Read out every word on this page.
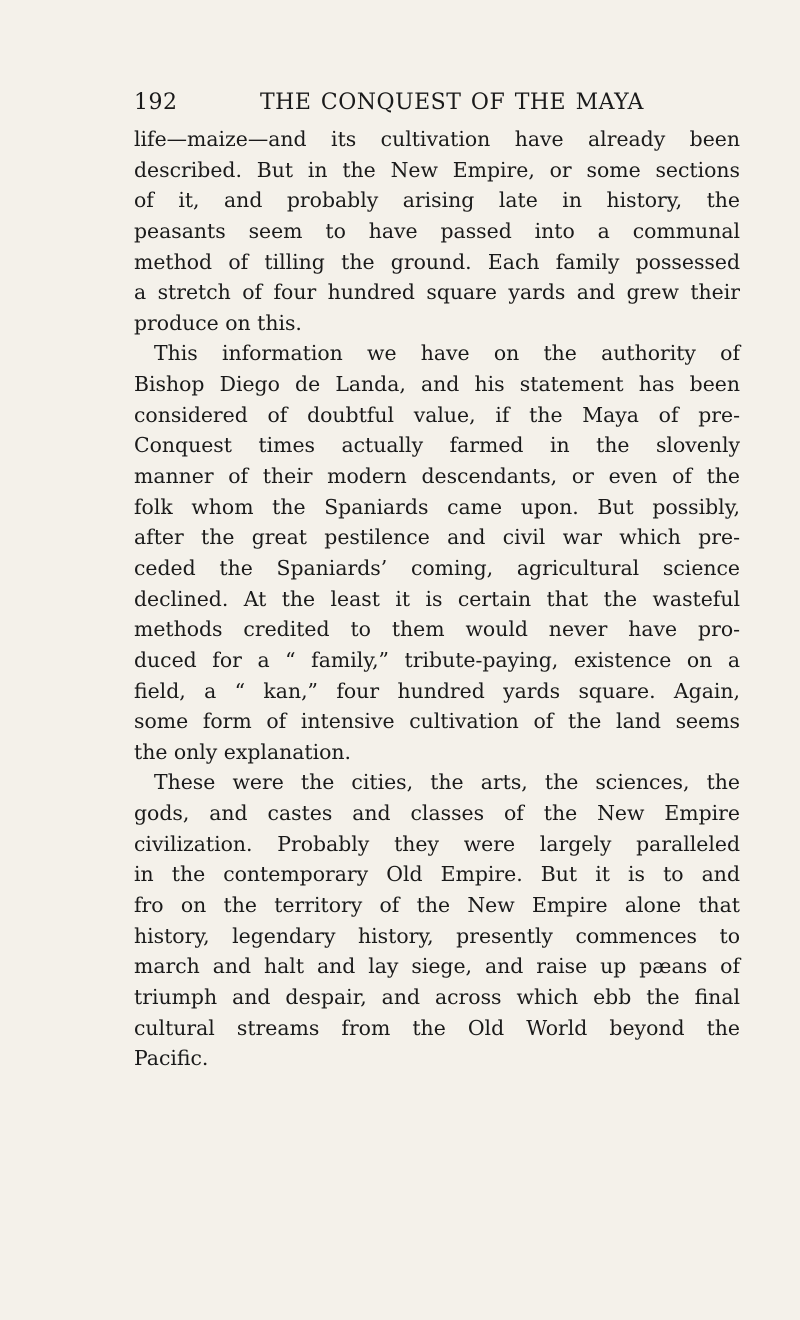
192	THE CONQUEST OF THE MAYA
life—maize—and its cultivation have already been
described. But in the New Empire, or some sections
of it, and probably arising late in history, the
peasants seem to have passed into a communal
method of tilling the ground. Each family possessed
a stretch of four hundred square yards and grew their
produce on this.
This information we have on the authority of
Bishop Diego de Landa, and his statement has been
considered of doubtful value, if the Maya of pre-
Conquest times actually farmed in the slovenly
manner of their modern descendants, or even of the
folk whom the Spaniards came upon. But possibly,
after the great pestilence and civil war which pre-
ceded the Spaniards’ coming, agricultural science
declined. At the least it is certain that the wasteful
methods credited to them would never have pro-
duced for a “ family,” tribute-paying, existence on a
field, a “ kan,” four hundred yards square. Again,
some form of intensive cultivation of the land seems
the only explanation.
These were the cities, the arts, the sciences, the
gods, and castes and classes of the New Empire
civilization. Probably they were largely paralleled
in the contemporary Old Empire. But it is to and
fro on the territory of the New Empire alone that
history, legendary history, presently commences to
march and halt and lay siege, and raise up pæans of
triumph and despair, and across which ebb the final
cultural streams from the Old World beyond the
Pacific.
